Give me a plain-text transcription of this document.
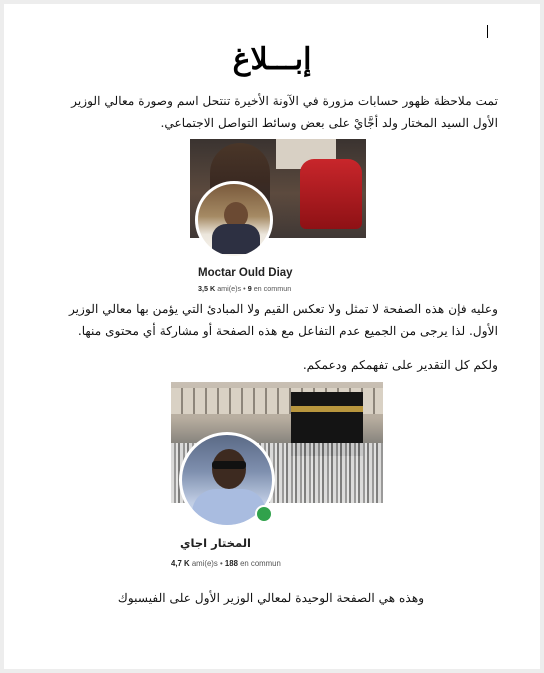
إبـــلاغ
تمت ملاحظة ظهور حسابات مزورة في الآونة الأخيرة تنتحل اسم وصورة معالي الوزير الأول السيد المختار ولد أجَّايْ على بعض وسائط التواصل الاجتماعي.
Moctar Ould Diay
3,5 K ami(e)s • 9 en commun
وعليه فإن هذه الصفحة لا تمثل ولا تعكس القيم ولا المبادئ التي يؤمن بها معالي الوزير الأول. لذا يرجى من الجميع عدم التفاعل مع هذه الصفحة أو مشاركة أي محتوى منها.
ولكم كل التقدير على تفهمكم ودعمكم.
المختار اجاي
4,7 K ami(e)s • 188 en commun
وهذه هي الصفحة الوحيدة لمعالي الوزير الأول على الفيسبوك
